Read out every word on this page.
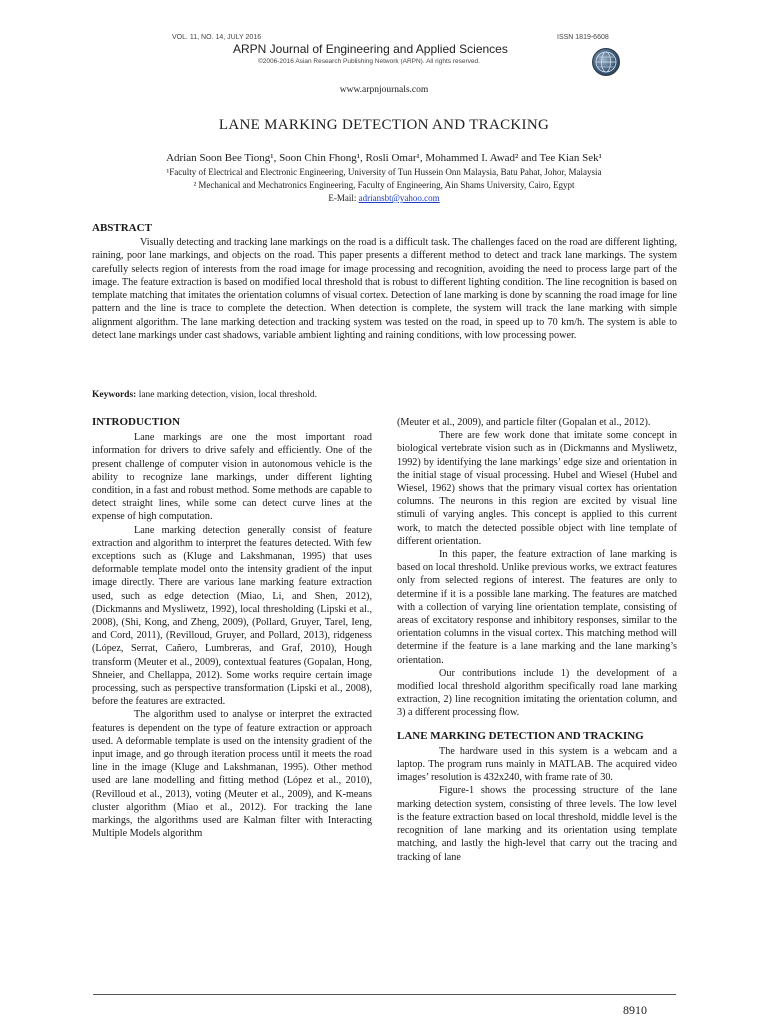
VOL. 11, NO. 14, JULY 2016	ISSN 1819-6608
ARPN Journal of Engineering and Applied Sciences
©2006-2016 Asian Research Publishing Network (ARPN). All rights reserved.
www.arpnjournals.com
LANE MARKING DETECTION AND TRACKING
Adrian Soon Bee Tiong¹, Soon Chin Fhong¹, Rosli Omar¹, Mohammed I. Awad² and Tee Kian Sek¹
¹Faculty of Electrical and Electronic Engineering, University of Tun Hussein Onn Malaysia, Batu Pahat, Johor, Malaysia
² Mechanical and Mechatronics Engineering, Faculty of Engineering, Ain Shams University, Cairo, Egypt
E-Mail: adriansbt@yahoo.com
ABSTRACT
Visually detecting and tracking lane markings on the road is a difficult task. The challenges faced on the road are different lighting, raining, poor lane markings, and objects on the road. This paper presents a different method to detect and track lane markings. The system carefully selects region of interests from the road image for image processing and recognition, avoiding the need to process large part of the image. The feature extraction is based on modified local threshold that is robust to different lighting condition. The line recognition is based on template matching that imitates the orientation columns of visual cortex. Detection of lane marking is done by scanning the road image for line pattern and the line is trace to complete the detection. When detection is complete, the system will track the lane marking with simple alignment algorithm. The lane marking detection and tracking system was tested on the road, in speed up to 70 km/h. The system is able to detect lane markings under cast shadows, variable ambient lighting and raining conditions, with low processing power.
Keywords: lane marking detection, vision, local threshold.
INTRODUCTION

Lane markings are one the most important road information for drivers to drive safely and efficiently. One of the present challenge of computer vision in autonomous vehicle is the ability to recognize lane markings, under different lighting condition, in a fast and robust method. Some methods are capable to detect straight lines, while some can detect curve lines at the expense of high computation.

Lane marking detection generally consist of feature extraction and algorithm to interpret the features detected. With few exceptions such as (Kluge and Lakshmanan, 1995) that uses deformable template model onto the intensity gradient of the input image directly. There are various lane marking feature extraction used, such as edge detection (Miao, Li, and Shen, 2012), (Dickmanns and Mysliwetz, 1992), local thresholding (Lipski et al., 2008), (Shi, Kong, and Zheng, 2009), (Pollard, Gruyer, Tarel, Ieng, and Cord, 2011), (Revilloud, Gruyer, and Pollard, 2013), ridgeness (López, Serrat, Cañero, Lumbreras, and Graf, 2010), Hough transform (Meuter et al., 2009), contextual features (Gopalan, Hong, Shneier, and Chellappa, 2012). Some works require certain image processing, such as perspective transformation (Lipski et al., 2008), before the features are extracted.

The algorithm used to analyse or interpret the extracted features is dependent on the type of feature extraction or approach used. A deformable template is used on the intensity gradient of the input image, and go through iteration process until it meets the road line in the image (Kluge and Lakshmanan, 1995). Other method used are lane modelling and fitting method (López et al., 2010), (Revilloud et al., 2013), voting (Meuter et al., 2009), and K-means cluster algorithm (Miao et al., 2012). For tracking the lane markings, the algorithms used are Kalman filter with Interacting Multiple Models algorithm

(Meuter et al., 2009), and particle filter (Gopalan et al., 2012).

There are few work done that imitate some concept in biological vertebrate vision such as in (Dickmanns and Mysliwetz, 1992) by identifying the lane markings’ edge size and orientation in the initial stage of visual processing. Hubel and Wiesel (Hubel and Wiesel, 1962) shows that the primary visual cortex has orientation columns. The neurons in this region are excited by visual line stimuli of varying angles. This concept is applied to this current work, to match the detected possible object with line template of different orientation.

In this paper, the feature extraction of lane marking is based on local threshold. Unlike previous works, we extract features only from selected regions of interest. The features are only to determine if it is a possible lane marking. The features are matched with a collection of varying line orientation template, consisting of areas of excitatory response and inhibitory responses, similar to the orientation columns in the visual cortex. This matching method will determine if the feature is a lane marking and the lane marking’s orientation.

Our contributions include 1) the development of a modified local threshold algorithm specifically road lane marking extraction, 2) line recognition imitating the orientation column, and 3) a different processing flow.

LANE MARKING DETECTION AND TRACKING

The hardware used in this system is a webcam and a laptop. The program runs mainly in MATLAB. The acquired video images’ resolution is 432x240, with frame rate of 30.

Figure-1 shows the processing structure of the lane marking detection system, consisting of three levels. The low level is the feature extraction based on local threshold, middle level is the recognition of lane marking and its orientation using template matching, and lastly the high-level that carry out the tracing and tracking of lane

8910
